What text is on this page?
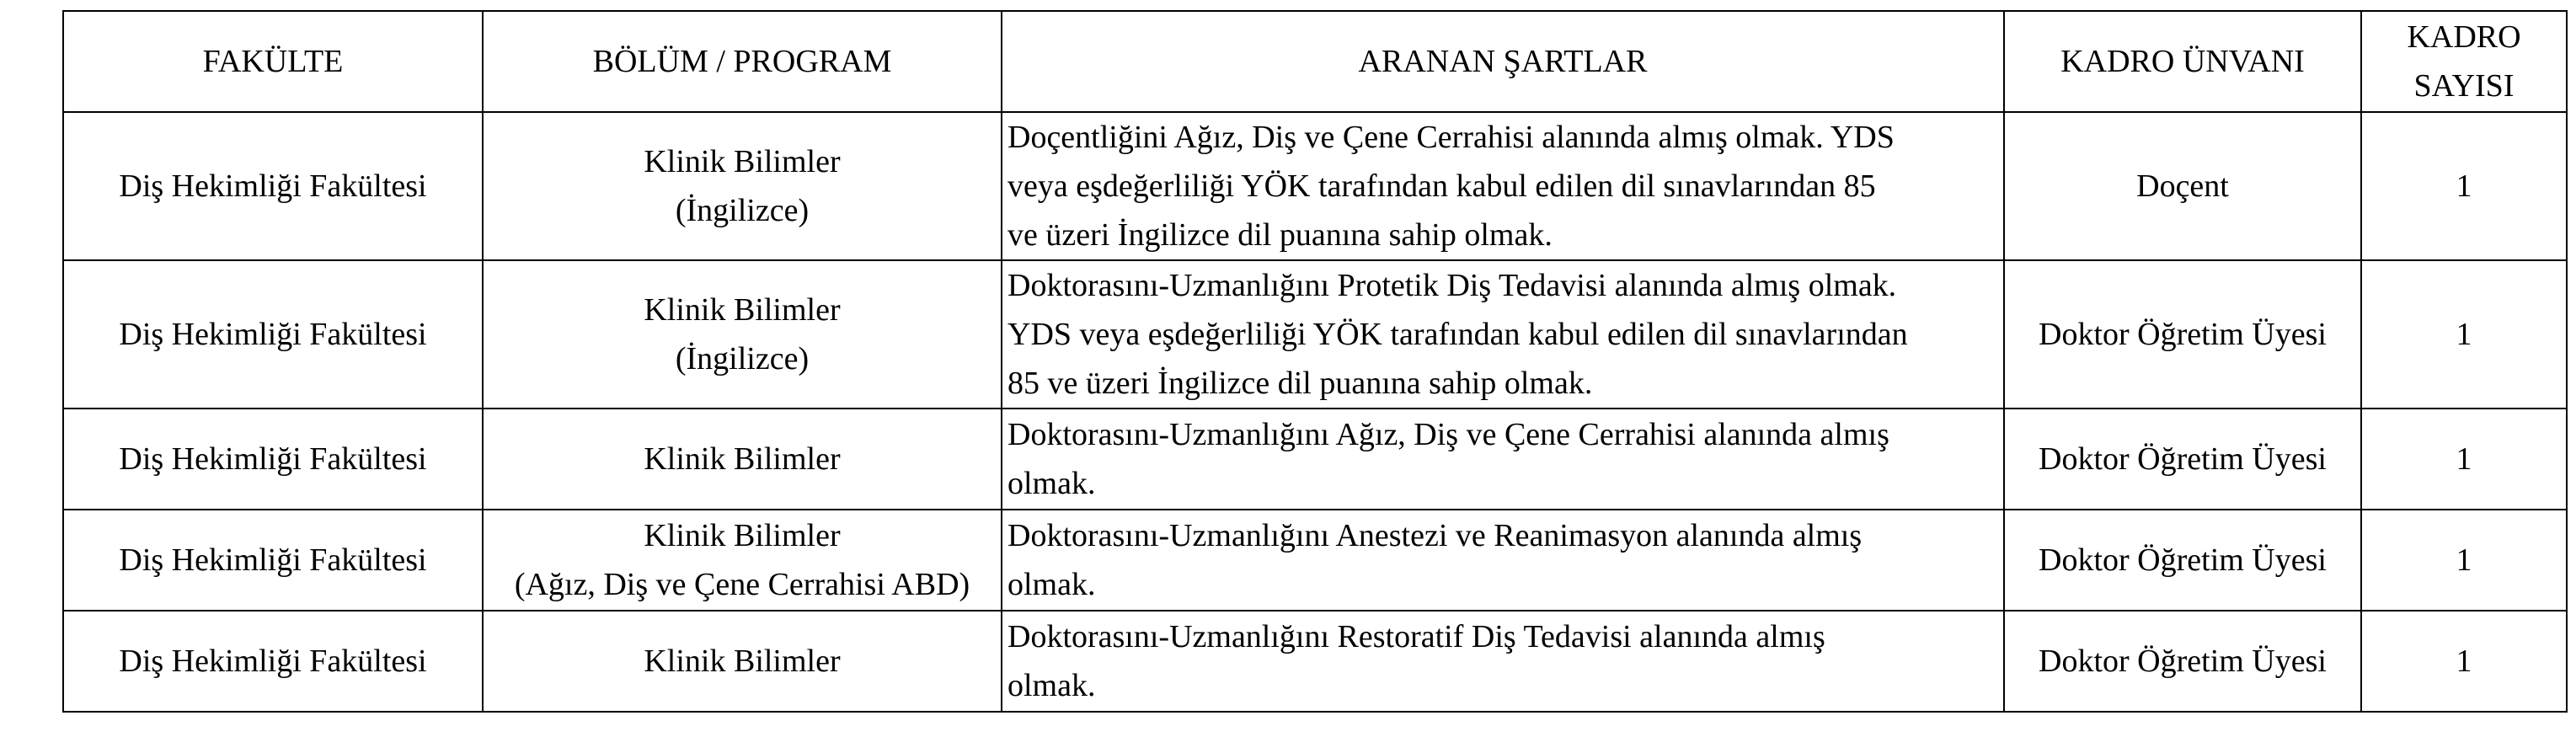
FAKÜLTE	BÖLÜM / PROGRAM	ARANAN ŞARTLAR	KADRO ÜNVANI	KADRO
SAYISI

Diş Hekimliği Fakültesi	Klinik Bilimler
(İngilizce)	Doçentliğini Ağız, Diş ve Çene Cerrahisi alanında almış olmak. YDS
veya eşdeğerliliği YÖK tarafından kabul edilen dil sınavlarından 85
ve üzeri İngilizce dil puanına sahip olmak.	Doçent	1
Diş Hekimliği Fakültesi	Klinik Bilimler
(İngilizce)	Doktorasını-Uzmanlığını Protetik Diş Tedavisi alanında almış olmak.
YDS veya eşdeğerliliği YÖK tarafından kabul edilen dil sınavlarından
85 ve üzeri İngilizce dil puanına sahip olmak.	Doktor Öğretim Üyesi	1
Diş Hekimliği Fakültesi	Klinik Bilimler	Doktorasını-Uzmanlığını Ağız, Diş ve Çene Cerrahisi alanında almış
olmak.	Doktor Öğretim Üyesi	1
Diş Hekimliği Fakültesi	Klinik Bilimler
(Ağız, Diş ve Çene Cerrahisi ABD)	Doktorasını-Uzmanlığını Anestezi ve Reanimasyon alanında almış
olmak.	Doktor Öğretim Üyesi	1
Diş Hekimliği Fakültesi	Klinik Bilimler	Doktorasını-Uzmanlığını Restoratif Diş Tedavisi alanında almış
olmak.	Doktor Öğretim Üyesi	1
